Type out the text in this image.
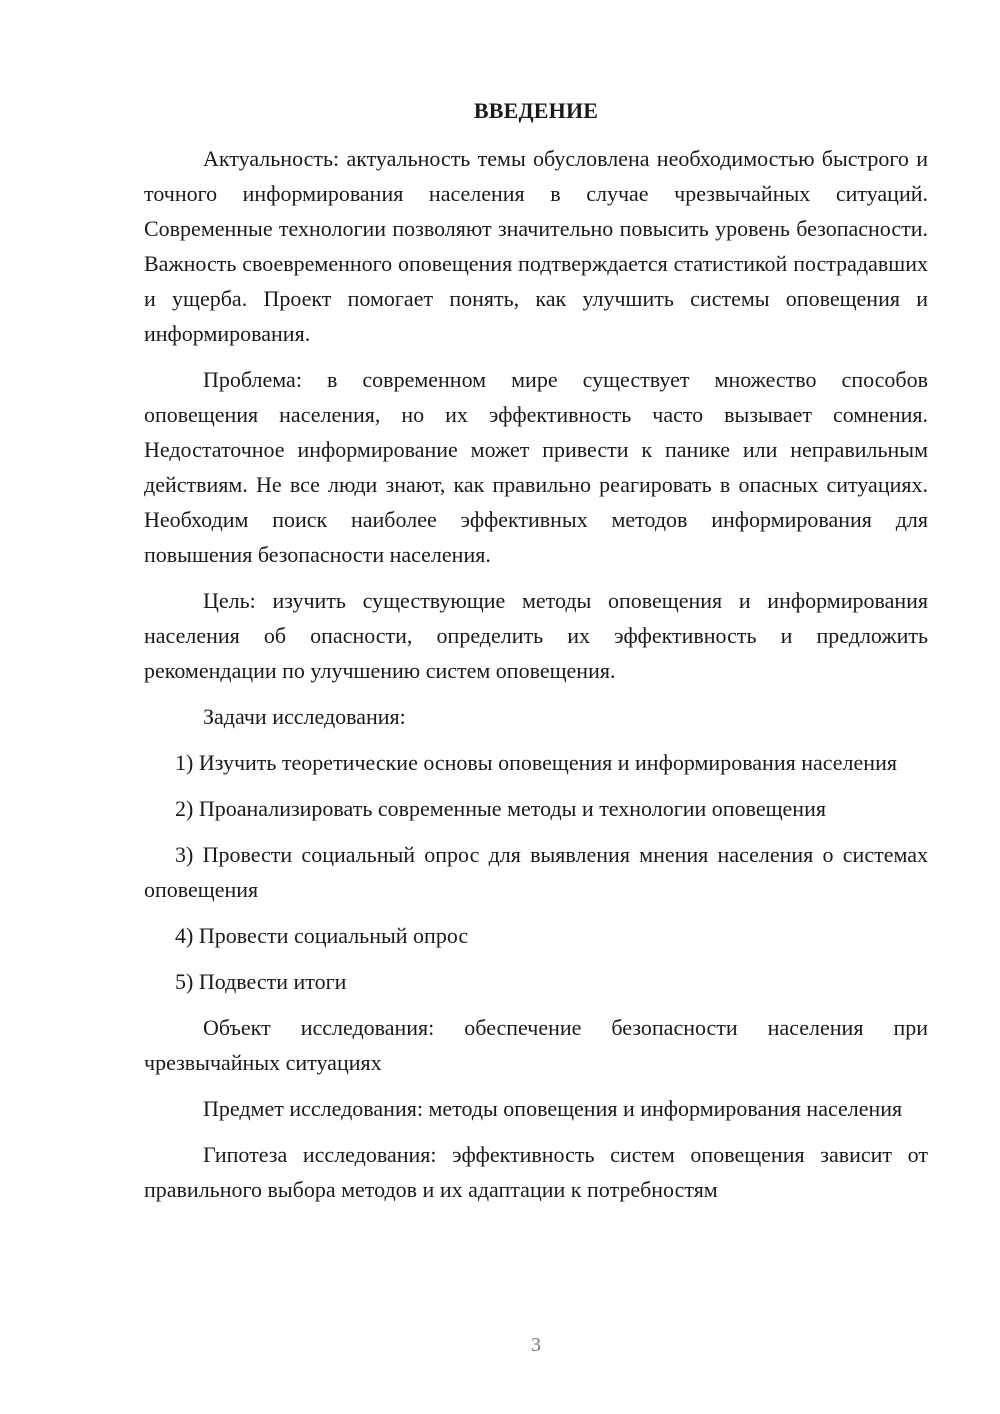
ВВЕДЕНИЕ

Актуальность: актуальность темы обусловлена необходимостью быстрого и точного информирования населения в случае чрезвычайных ситуаций. Современные технологии позволяют значительно повысить уровень безопасности. Важность своевременного оповещения подтверждается статистикой пострадавших и ущерба. Проект помогает понять, как улучшить системы оповещения и информирования.

Проблема: в современном мире существует множество способов оповещения населения, но их эффективность часто вызывает сомнения. Недостаточное информирование может привести к панике или неправильным действиям. Не все люди знают, как правильно реагировать в опасных ситуациях. Необходим поиск наиболее эффективных методов информирования для повышения безопасности населения.

Цель: изучить существующие методы оповещения и информирования населения об опасности, определить их эффективность и предложить рекомендации по улучшению систем оповещения.

Задачи исследования:

1) Изучить теоретические основы оповещения и информирования населения

2) Проанализировать современные методы и технологии оповещения

3) Провести социальный опрос для выявления мнения населения о системах оповещения

4) Провести социальный опрос

5) Подвести итоги

Объект исследования: обеспечение безопасности населения при чрезвычайных ситуациях

Предмет исследования: методы оповещения и информирования населения

Гипотеза исследования: эффективность систем оповещения зависит от правильного выбора методов и их адаптации к потребностям

3
